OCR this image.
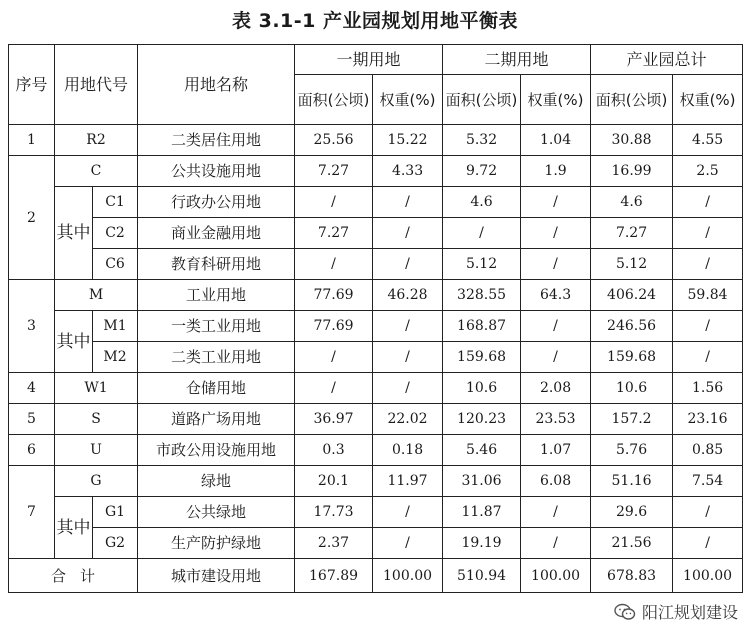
表 3.1-1 产业园规划用地平衡表
序号	用地代号		用地名称	一期用地		二期用地		产业园总计	
				面积(公顷)	权重(%)	面积(公顷)	权重(%)	面积(公顷)	权重(%)
1	R2		二类居住用地	25.56	15.22	5.32	1.04	30.88	4.55
2	C		公共设施用地	7.27	4.33	9.72	1.9	16.99	2.5
	其中	C1	行政办公用地	/	/	4.6	/	4.6	/
		C2	商业金融用地	7.27	/	/	/	7.27	/
		C6	教育科研用地	/	/	5.12	/	5.12	/
3	M		工业用地	77.69	46.28	328.55	64.3	406.24	59.84
	其中	M1	一类工业用地	77.69	/	168.87	/	246.56	/
		M2	二类工业用地	/	/	159.68	/	159.68	/
4	W1		仓储用地	/	/	10.6	2.08	10.6	1.56
5	S		道路广场用地	36.97	22.02	120.23	23.53	157.2	23.16
6	U		市政公用设施用地	0.3	0.18	5.46	1.07	5.76	0.85
7	G		绿地	20.1	11.97	31.06	6.08	51.16	7.54
	其中	G1	公共绿地	17.73	/	11.87	/	29.6	/
		G2	生产防护绿地	2.37	/	19.19	/	21.56	/
合计			城市建设用地	167.89	100.00	510.94	100.00	678.83	100.00
阳江规划建设
